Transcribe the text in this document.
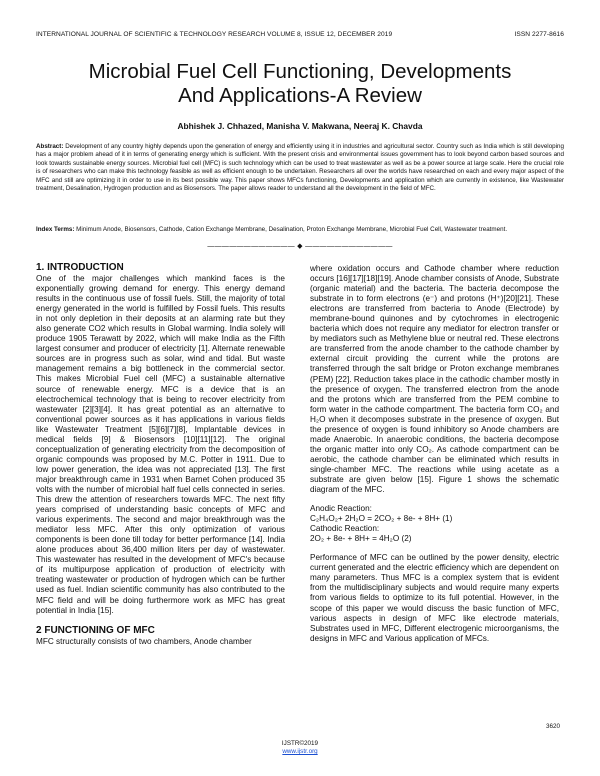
INTERNATIONAL JOURNAL OF SCIENTIFIC & TECHNOLOGY RESEARCH VOLUME 8, ISSUE 12, DECEMBER 2019	ISSN 2277-8616
Microbial Fuel Cell Functioning, Developments
And Applications-A Review
Abhishek J. Chhazed, Manisha V. Makwana, Neeraj K. Chavda

Abstract: Development of any country highly depends upon the generation of energy and efficiently using it in industries and agricultural sector. Country such as India which is still developing has a major problem ahead of it in terms of generating energy which is sufficient. With the present crisis and environmental issues government has to look beyond carbon based sources and look towards sustainable energy sources. Microbial fuel cell (MFC) is such technology which can be used to treat wastewater as well as be a power source at large scale. Here the crucial role is of researchers who can make this technology feasible as well as efficient enough to be undertaken. Researchers all over the worlds have researched on each and every major aspect of the MFC and still are optimizing it in order to use in its best possible way. This paper shows MFCs functioning, Developments and application which are currently in existence, like Wastewater treatment, Desalination, Hydrogen production and as Biosensors. The paper allows reader to understand all the development in the field of MFC.

Index Terms: Minimum Anode, Biosensors, Cathode, Cation Exchange Membrane, Desalination, Proton Exchange Membrane, Microbial Fuel Cell, Wastewater treatment.

———————————— ◆ ————————————
1. INTRODUCTION

One of the major challenges which mankind faces is the exponentially growing demand for energy. This energy demand results in the continuous use of fossil fuels. Still, the majority of total energy generated in the world is fulfilled by Fossil fuels. This results in not only depletion in their deposits at an alarming rate but they also generate CO2 which results in Global warming. India solely will produce 1905 Terawatt by 2022, which will make India as the Fifth largest consumer and producer of electricity [1]. Alternate renewable sources are in progress such as solar, wind and tidal. But waste management remains a big bottleneck in the commercial sector. This makes Microbial Fuel cell (MFC) a sustainable alternative source of renewable energy. MFC is a device that is an electrochemical technology that is being to recover electricity from wastewater [2][3][4]. It has great potential as an alternative to conventional power sources as it has applications in various fields like Wastewater Treatment [5][6][7][8], Implantable devices in medical fields [9] & Biosensors [10][11][12]. The original conceptualization of generating electricity from the decomposition of organic compounds was proposed by M.C. Potter in 1911. Due to low power generation, the idea was not appreciated [13]. The first major breakthrough came in 1931 when Barnet Cohen produced 35 volts with the number of microbial half fuel cells connected in series. This drew the attention of researchers towards MFC. The next fifty years comprised of understanding basic concepts of MFC and various experiments. The second and major breakthrough was the mediator less MFC. After this only optimization of various components is been done till today for better performance [14]. India alone produces about 36,400 million liters per day of wastewater. This wastewater has resulted in the development of MFC's because of its multipurpose application of production of electricity with treating wastewater or production of hydrogen which can be further used as fuel. Indian scientific community has also contributed to the MFC field and will be doing furthermore work as MFC has great potential in India [15].

2 FUNCTIONING OF MFC

MFC structurally consists of two chambers, Anode chamber

where oxidation occurs and Cathode chamber where reduction occurs [16][17][18][19]. Anode chamber consists of Anode, Substrate (organic material) and the bacteria. The bacteria decompose the substrate in to form electrons (e⁻) and protons (H⁺)[20][21]. These electrons are transferred from bacteria to Anode (Electrode) by membrane-bound quinones and by cytochromes in electrogenic bacteria which does not require any mediator for electron transfer or by mediators such as Methylene blue or neutral red. These electrons are transferred from the anode chamber to the cathode chamber by external circuit providing the current while the protons are transferred through the salt bridge or Proton exchange membranes (PEM) [22]. Reduction takes place in the cathodic chamber mostly in the presence of oxygen. The transferred electron from the anode and the protons which are transferred from the PEM combine to form water in the cathode compartment. The bacteria form CO₂ and H₂O when it decomposes substrate in the presence of oxygen. But the presence of oxygen is found inhibitory so Anode chambers are made Anaerobic. In anaerobic conditions, the bacteria decompose the organic matter into only CO₂. As cathode compartment can be aerobic, the cathode chamber can be eliminated which results in single-chamber MFC. The reactions while using acetate as a substrate are given below [15]. Figure 1 shows the schematic diagram of the MFC.

Anodic Reaction:

C₂H₄O₂+ 2H₂O = 2CO₂ + 8e- + 8H+ (1)

Cathodic Reaction:

2O₂ + 8e- + 8H+ = 4H₂O (2)

Performance of MFC can be outlined by the power density, electric current generated and the electric efficiency which are dependent on many parameters. Thus MFC is a complex system that is evident from the multidisciplinary subjects and would require many experts from various fields to optimize to its full potential. However, in the scope of this paper we would discuss the basic function of MFC, various aspects in design of MFC like electrode materials, Substrates used in MFC, Different electrogenic microorganisms, the designs in MFC and Various application of MFCs.

3620
IJSTR©2019
www.ijstr.org
